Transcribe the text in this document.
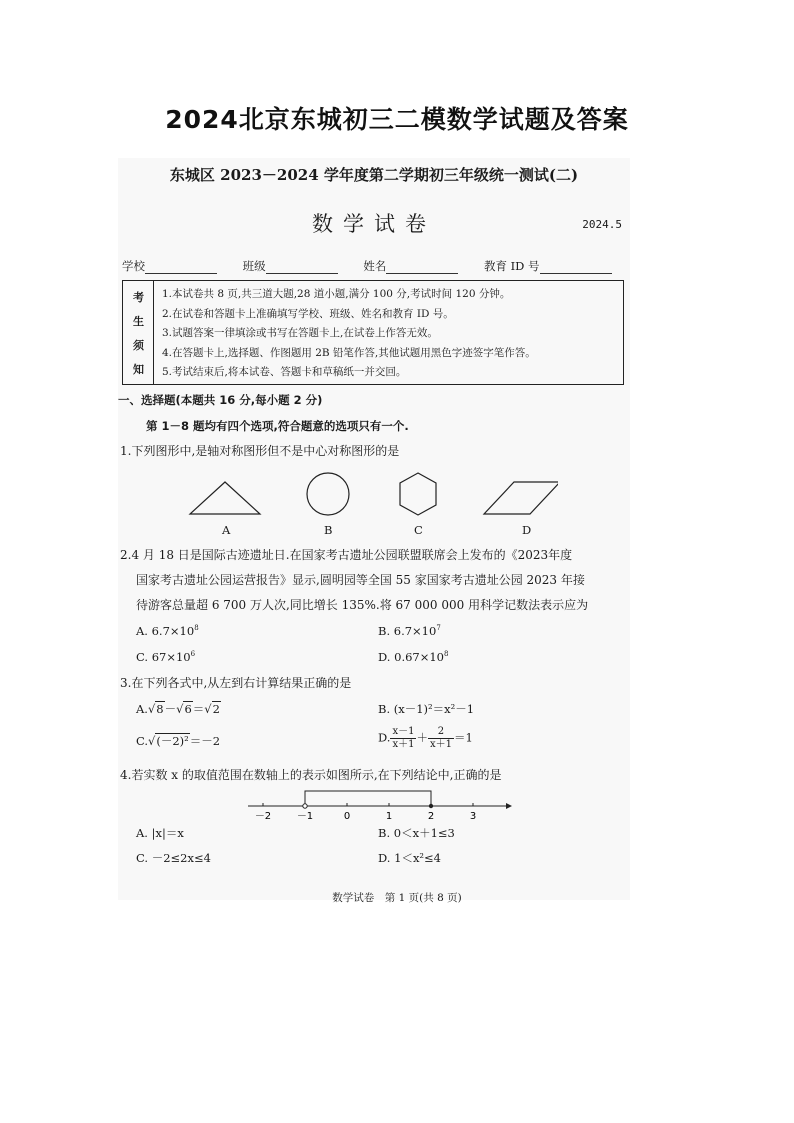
2024北京东城初三二模数学试题及答案
东城区 2023－2024 学年度第二学期初三年级统一测试(二)
数学试卷	2024.5
学校	班级	姓名	教育 ID 号
考
生
须
知
1.本试卷共 8 页,共三道大题,28 道小题,满分 100 分,考试时间 120 分钟。
2.在试卷和答题卡上准确填写学校、班级、姓名和教育 ID 号。
3.试题答案一律填涂或书写在答题卡上,在试卷上作答无效。
4.在答题卡上,选择题、作图题用 2B 铅笔作答,其他试题用黑色字迹签字笔作答。
5.考试结束后,将本试卷、答题卡和草稿纸一并交回。
一、选择题(本题共 16 分,每小题 2 分)
第 1－8 题均有四个选项,符合题意的选项只有一个.
1.下列图形中,是轴对称图形但不是中心对称图形的是
A	B	C	D
2.4 月 18 日是国际古迹遗址日.在国家考古遗址公园联盟联席会上发布的《2023年度
国家考古遗址公园运营报告》显示,圆明园等全国 55 家国家考古遗址公园 2023 年接
待游客总量超 6 700 万人次,同比增长 135%.将 67 000 000 用科学记数法表示应为
A. $6.7\times 10^8$	B. $6.7\times 10^7$
C. $67\times 10^6$	D. $0.67\times 10^8$
3.在下列各式中,从左到右计算结果正确的是
A.√8－√6＝√2	B. (x－1)²＝x²－1
C.√(－2)²＝－2	D. $\frac{x-1}{x+1} + \frac{2}{x+1} =1$
4.若实数 x 的取值范围在数轴上的表示如图所示,在下列结论中,正确的是
－2	－1	0	1	2	3
A. |x|＝x	B. 0＜x＋1≤3
C. －2≤2x≤4	D. 1＜x²≤4
数学试卷　第 1 页(共 8 页)
